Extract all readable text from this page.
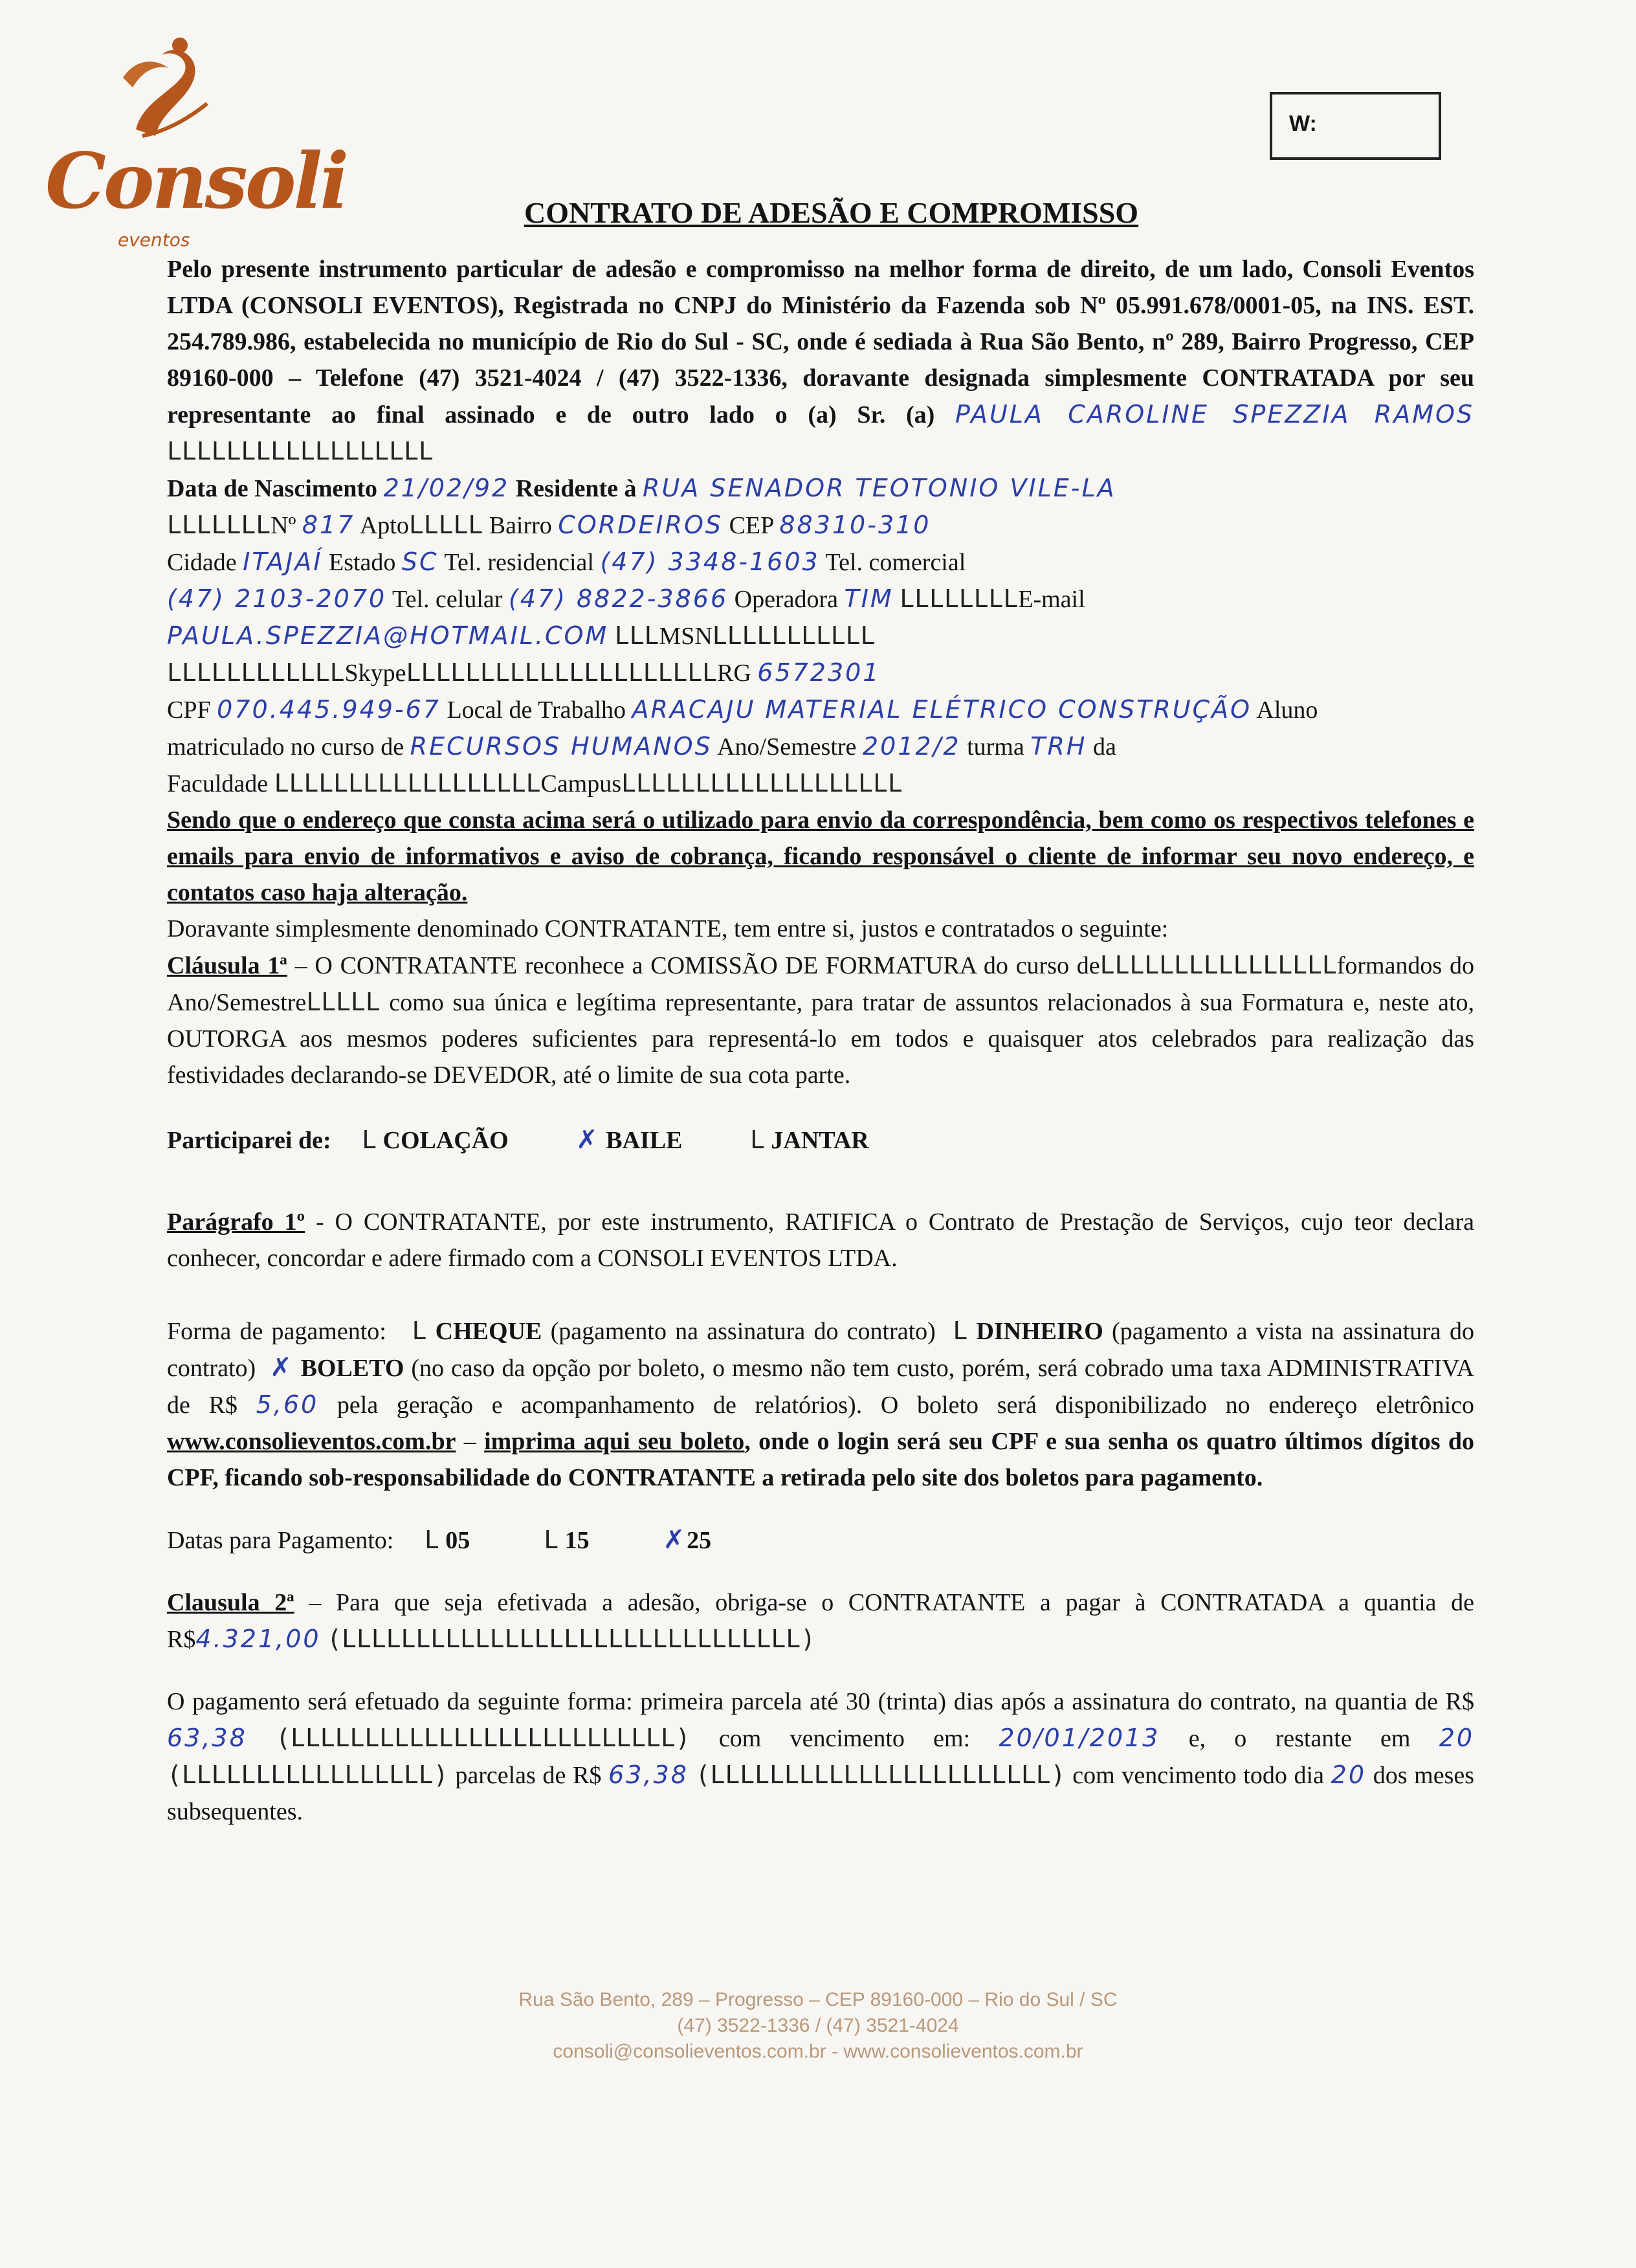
Consoli
eventos
W:
CONTRATO DE ADESÃO E COMPROMISSO

Pelo presente instrumento particular de adesão e compromisso na melhor forma de direito, de um lado, Consoli Eventos LTDA (CONSOLI EVENTOS), Registrada no CNPJ do Ministério da Fazenda sob Nº 05.991.678/0001-05, na INS. EST. 254.789.986, estabelecida no município de Rio do Sul - SC, onde é sediada à Rua São Bento, nº 289, Bairro Progresso, CEP 89160-000 – Telefone (47) 3521-4024 / (47) 3522-1336, doravante designada simplesmente CONTRATADA por seu representante ao final assinado e de outro lado o (a) Sr. (a) PAULA CAROLINE SPEZZIA RAMOS LLLLLLLLLLLLLLLLLL

Data de Nascimento 21/02/92 Residente à RUA SENADOR TEOTONIO VILE-LA

LLLLLLLNº 817 AptoLLLLL Bairro CORDEIROS CEP 88310-310

Cidade ITAJAÍ Estado SC Tel. residencial (47) 3348-1603 Tel. comercial

(47) 2103-2070 Tel. celular (47) 8822-3866 Operadora TIM LLLLLLLLE-mail

PAULA.SPEZZIA@HOTMAIL.COM LLLMSNLLLLLLLLLLL

LLLLLLLLLLLLSkypeLLLLLLLLLLLLLLLLLLLLLRG 6572301

CPF 070.445.949-67 Local de Trabalho ARACAJU MATERIAL ELÉTRICO CONSTRUÇÃO Aluno

matriculado no curso de RECURSOS HUMANOS Ano/Semestre 2012/2 turma TRH da

Faculdade LLLLLLLLLLLLLLLLLLCampusLLLLLLLLLLLLLLLLLLL

Sendo que o endereço que consta acima será o utilizado para envio da correspondência, bem como os respectivos telefones e emails para envio de informativos e aviso de cobrança, ficando responsável o cliente de informar seu novo endereço, e contatos caso haja alteração.

Doravante simplesmente denominado CONTRATANTE, tem entre si, justos e contratados o seguinte:

Cláusula 1ª – O CONTRATANTE reconhece a COMISSÃO DE FORMATURA do curso deLLLLLLLLLLLLLLLLformandos do Ano/SemestreLLLLL como sua única e legítima representante, para tratar de assuntos relacionados à sua Formatura e, neste ato, OUTORGA aos mesmos poderes suficientes para representá-lo em todos e quaisquer atos celebrados para realização das festividades declarando-se DEVEDOR, até o limite de sua cota parte.

Participarei de: L COLAÇÃO	✗ BAILE	L JANTAR

Parágrafo 1º - O CONTRATANTE, por este instrumento, RATIFICA o Contrato de Prestação de Serviços, cujo teor declara conhecer, concordar e adere firmado com a CONSOLI EVENTOS LTDA.

Forma de pagamento: L CHEQUE (pagamento na assinatura do contrato) L DINHEIRO (pagamento a vista na assinatura do contrato) ✗ BOLETO (no caso da opção por boleto, o mesmo não tem custo, porém, será cobrado uma taxa ADMINISTRATIVA de R$ 5,60 pela geração e acompanhamento de relatórios). O boleto será disponibilizado no endereço eletrônico www.consolieventos.com.br – imprima aqui seu boleto, onde o login será seu CPF e sua senha os quatro últimos dígitos do CPF, ficando sob-responsabilidade do CONTRATANTE a retirada pelo site dos boletos para pagamento.

Datas para Pagamento: L 05	L 15	✗25

Clausula 2ª – Para que seja efetivada a adesão, obriga-se o CONTRATANTE a pagar à CONTRATADA a quantia de R$4.321,00 (LLLLLLLLLLLLLLLLLLLLLLLLLLLLLLL)

O pagamento será efetuado da seguinte forma: primeira parcela até 30 (trinta) dias após a assinatura do contrato, na quantia de R$ 63,38 (LLLLLLLLLLLLLLLLLLLLLLLLLL) com vencimento em: 20/01/2013 e, o restante em 20 (LLLLLLLLLLLLLLLLL) parcelas de R$ 63,38 (LLLLLLLLLLLLLLLLLLLLLLL) com vencimento todo dia 20 dos meses subsequentes.

Rua São Bento, 289 – Progresso – CEP 89160-000 – Rio do Sul / SC
(47) 3522-1336 / (47) 3521-4024
consoli@consolieventos.com.br - www.consolieventos.com.br
